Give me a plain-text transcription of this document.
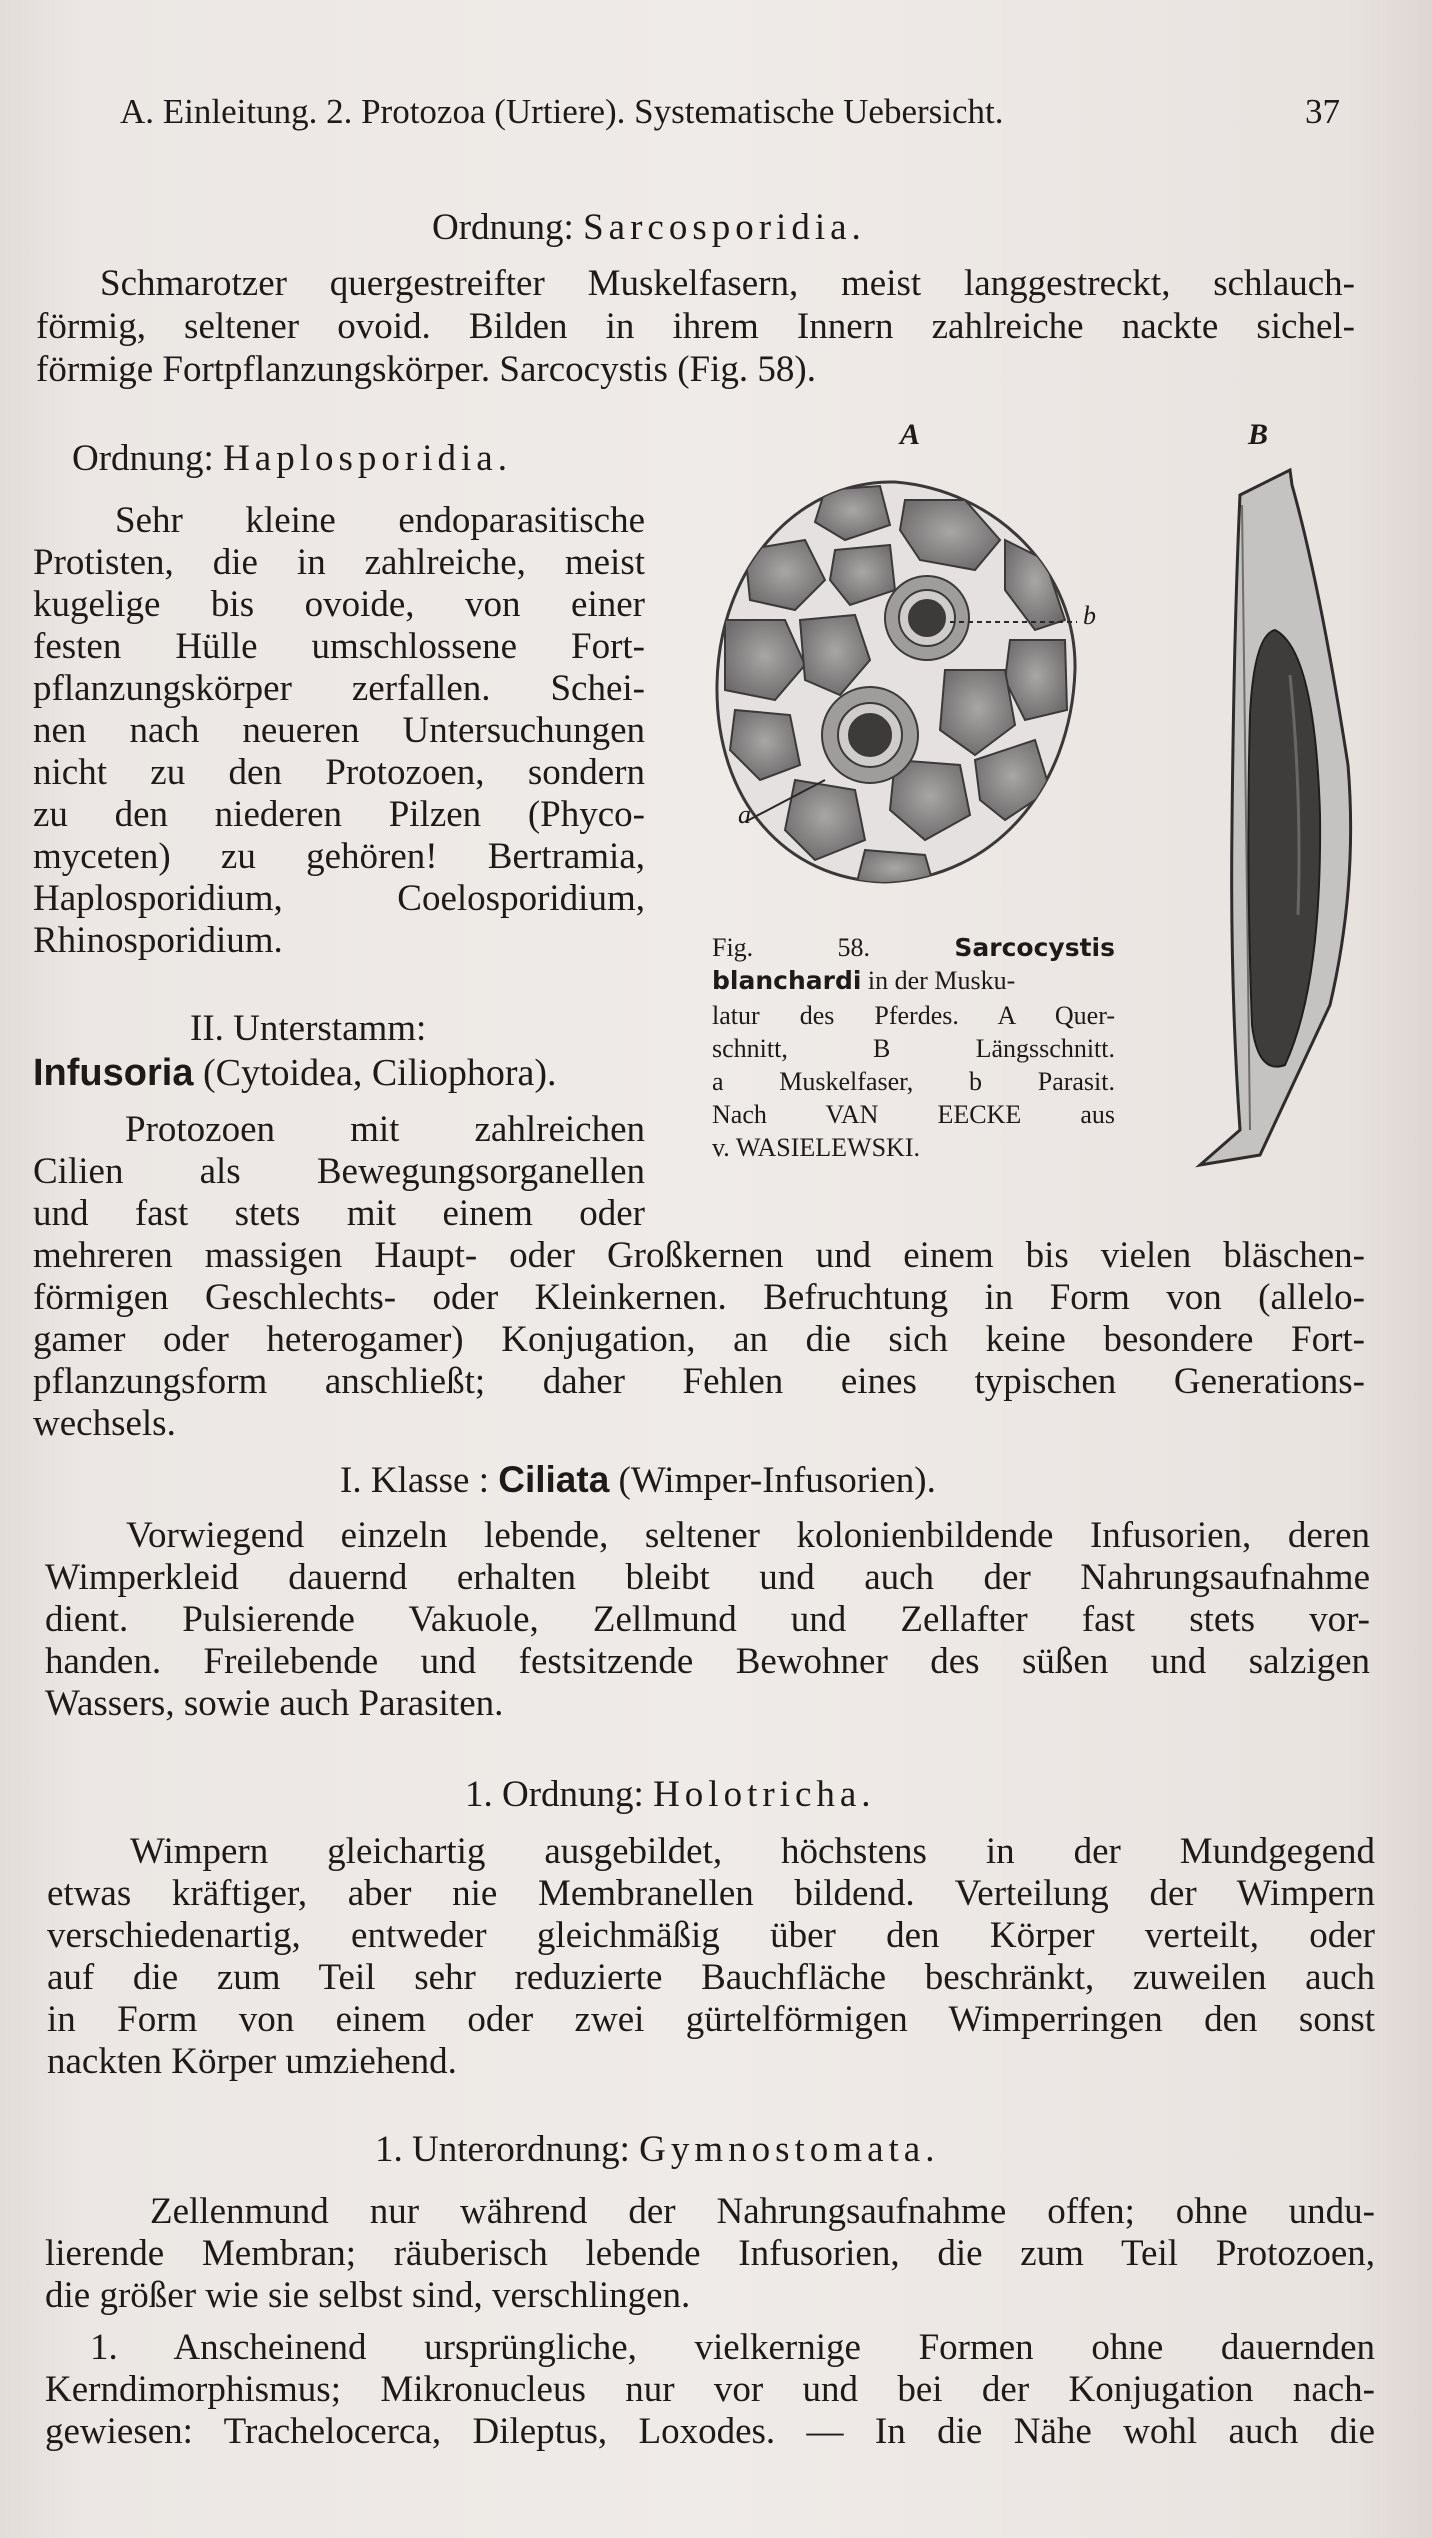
A. Einleitung. 2. Protozoa (Urtiere). Systematische Uebersicht.	37
Ordnung: Sarcosporidia.
Schmarotzer quergestreifter Muskelfasern, meist langgestreckt, schlauch-
förmig, seltener ovoid. Bilden in ihrem Innern zahlreiche nackte sichel-
förmige Fortpflanzungskörper. Sarcocystis (Fig. 58).
Ordnung: Haplosporidia.
Sehr kleine endoparasitische
Protisten, die in zahlreiche, meist
kugelige bis ovoide, von einer
festen Hülle umschlossene Fort-
pflanzungskörper zerfallen. Schei-
nen nach neueren Untersuchungen
nicht zu den Protozoen, sondern
zu den niederen Pilzen (Phyco-
myceten) zu gehören! Bertramia,
Haplosporidium, Coelosporidium,
Rhinosporidium.
II. Unterstamm:
Infusoria (Cytoidea, Ciliophora).
Protozoen mit zahlreichen
Cilien als Bewegungsorganellen
und fast stets mit einem oder
mehreren massigen Haupt- oder Großkernen und einem bis vielen bläschen-
förmigen Geschlechts- oder Kleinkernen. Befruchtung in Form von (allelo-
gamer oder heterogamer) Konjugation, an die sich keine besondere Fort-
pflanzungsform anschließt; daher Fehlen eines typischen Generations-
wechsels.
A	B
b
a
Fig. 58.	Sarcocystis
blanchardi in der Musku-
latur des Pferdes. A Quer-
schnitt, B Längsschnitt.
a Muskelfaser, b Parasit.
Nach VAN EECKE aus
v. WASIELEWSKI.
I. Klasse : Ciliata (Wimper-Infusorien).
Vorwiegend einzeln lebende, seltener kolonienbildende Infusorien, deren
Wimperkleid dauernd erhalten bleibt und auch der Nahrungsaufnahme
dient. Pulsierende Vakuole, Zellmund und Zellafter fast stets vor-
handen. Freilebende und festsitzende Bewohner des süßen und salzigen
Wassers, sowie auch Parasiten.
1. Ordnung: Holotricha.
Wimpern gleichartig ausgebildet, höchstens in der Mundgegend
etwas kräftiger, aber nie Membranellen bildend. Verteilung der Wimpern
verschiedenartig, entweder gleichmäßig über den Körper verteilt, oder
auf die zum Teil sehr reduzierte Bauchfläche beschränkt, zuweilen auch
in Form von einem oder zwei gürtelförmigen Wimperringen den sonst
nackten Körper umziehend.
1. Unterordnung: Gymnostomata.
Zellenmund nur während der Nahrungsaufnahme offen; ohne undu-
lierende Membran; räuberisch lebende Infusorien, die zum Teil Protozoen,
die größer wie sie selbst sind, verschlingen.
1. Anscheinend ursprüngliche, vielkernige Formen ohne dauernden
Kerndimorphismus; Mikronucleus nur vor und bei der Konjugation nach-
gewiesen: Trachelocerca, Dileptus, Loxodes. — In die Nähe wohl auch die
